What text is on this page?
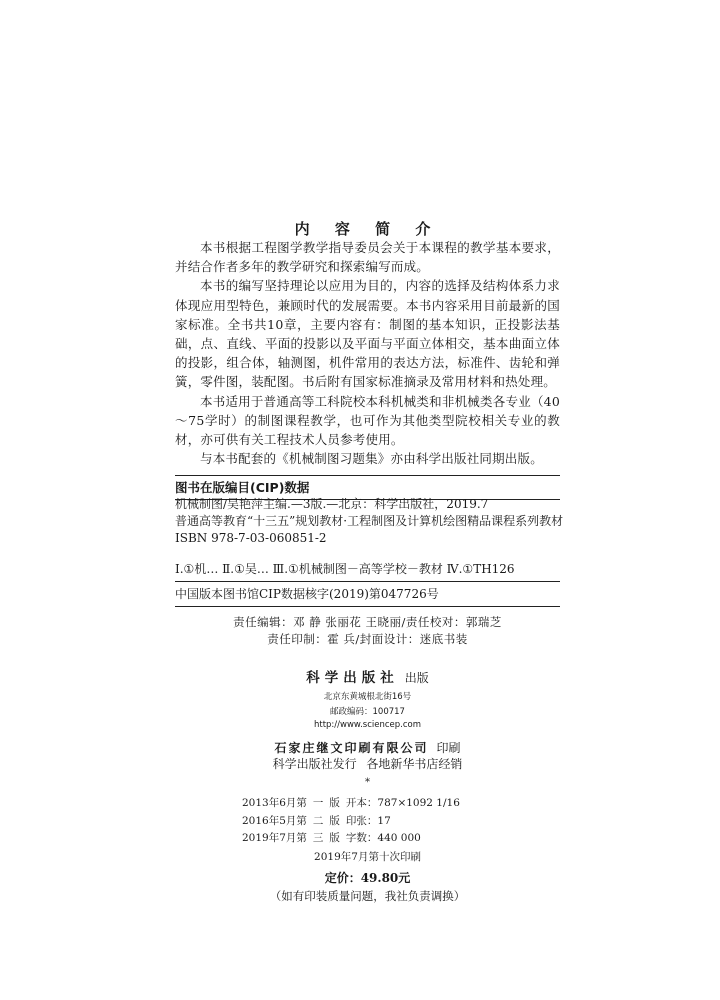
内 容 简 介

本书根据工程图学教学指导委员会关于本课程的教学基本要求，并结合作者多年的教学研究和探索编写而成。

本书的编写坚持理论以应用为目的，内容的选择及结构体系力求体现应用型特色，兼顾时代的发展需要。本书内容采用目前最新的国家标准。全书共10章，主要内容有：制图的基本知识，正投影法基础，点、直线、平面的投影以及平面与平面立体相交，基本曲面立体的投影，组合体，轴测图，机件常用的表达方法，标准件、齿轮和弹簧，零件图，装配图。书后附有国家标准摘录及常用材料和热处理。

本书适用于普通高等工科院校本科机械类和非机械类各专业（40～75学时）的制图课程教学，也可作为其他类型院校相关专业的教材，亦可供有关工程技术人员参考使用。

与本书配套的《机械制图习题集》亦由科学出版社同期出版。

图书在版编目(CIP)数据
机械制图/吴艳萍主编.—3版.—北京：科学出版社，2019.7
普通高等教育“十三五”规划教材·工程制图及计算机绘图精品课程系列教材
ISBN 978-7-03-060851-2
Ⅰ.①机… Ⅱ.①吴… Ⅲ.①机械制图－高等学校－教材 Ⅳ.①TH126
中国版本图书馆CIP数据核字(2019)第047726号
责任编辑：邓 静 张丽花 王晓丽/责任校对：郭瑞芝
责任印制：霍 兵/封面设计：迷底书装
科学出版社 出版
北京东黄城根北街16号
邮政编码：100717
http://www.sciencep.com
石家庄继文印刷有限公司 印刷
科学出版社发行 各地新华书店经销
*
2013年6月第	一	版	开本：787×1092 1/16
2016年5月第	二	版	印张：17
2019年7月第	三	版	字数：440 000
2019年7月第十次印刷
定价：49.80元
（如有印装质量问题，我社负责调换）
